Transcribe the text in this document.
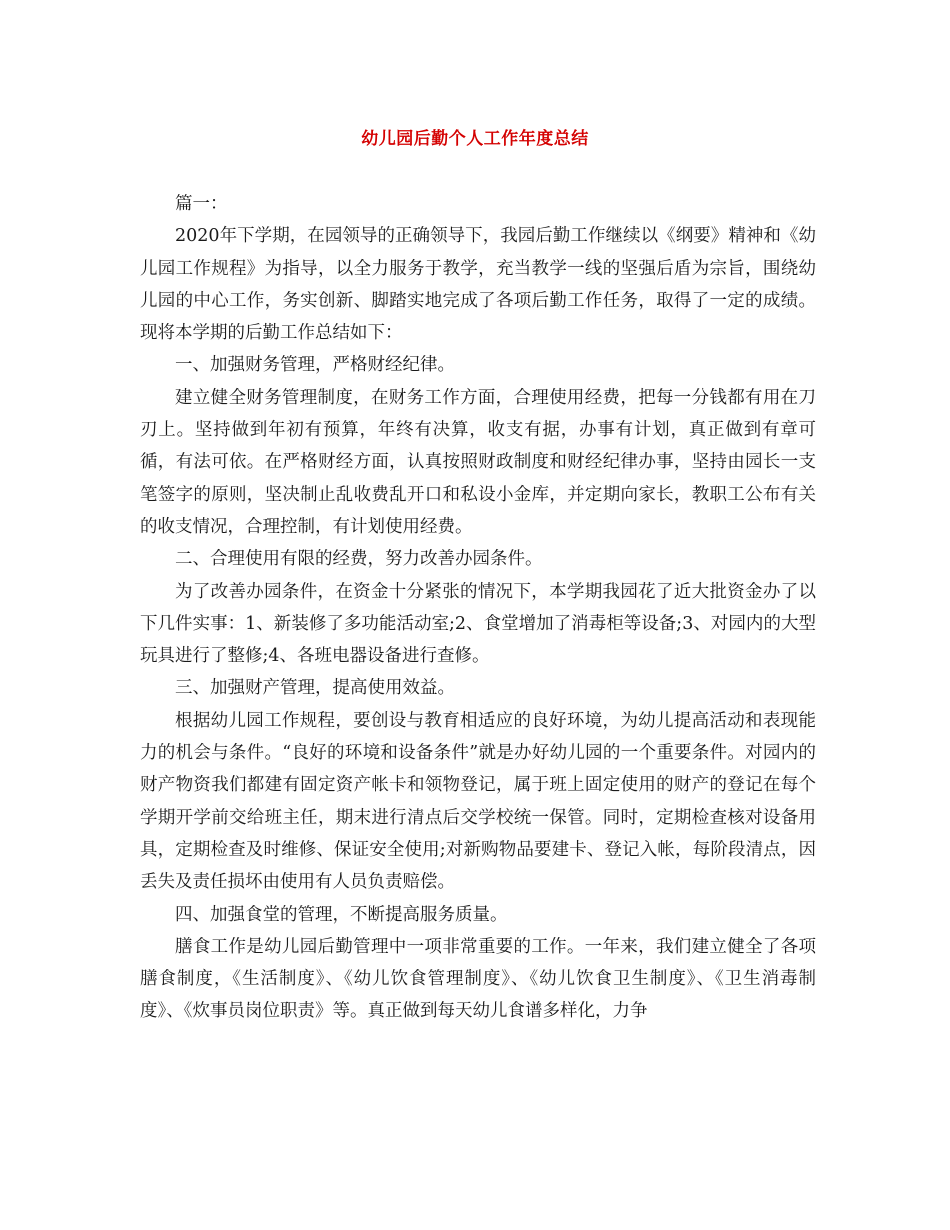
幼儿园后勤个人工作年度总结

篇一：

2020年下学期，在园领导的正确领导下，我园后勤工作继续以《纲要》精神和《幼儿园工作规程》为指导，以全力服务于教学，充当教学一线的坚强后盾为宗旨，围绕幼儿园的中心工作，务实创新、脚踏实地完成了各项后勤工作任务，取得了一定的成绩。现将本学期的后勤工作总结如下：

一、加强财务管理，严格财经纪律。

建立健全财务管理制度，在财务工作方面，合理使用经费，把每一分钱都有用在刀刃上。坚持做到年初有预算，年终有决算，收支有据，办事有计划，真正做到有章可循，有法可依。在严格财经方面，认真按照财政制度和财经纪律办事，坚持由园长一支笔签字的原则，坚决制止乱收费乱开口和私设小金库，并定期向家长，教职工公布有关的收支情况，合理控制，有计划使用经费。

二、合理使用有限的经费，努力改善办园条件。

为了改善办园条件，在资金十分紧张的情况下，本学期我园花了近大批资金办了以下几件实事：1、新装修了多功能活动室;2、食堂增加了消毒柜等设备;3、对园内的大型玩具进行了整修;4、各班电器设备进行查修。

三、加强财产管理，提高使用效益。

根据幼儿园工作规程，要创设与教育相适应的良好环境，为幼儿提高活动和表现能力的机会与条件。“良好的环境和设备条件”就是办好幼儿园的一个重要条件。对园内的财产物资我们都建有固定资产帐卡和领物登记，属于班上固定使用的财产的登记在每个学期开学前交给班主任，期末进行清点后交学校统一保管。同时，定期检查核对设备用具，定期检查及时维修、保证安全使用;对新购物品要建卡、登记入帐，每阶段清点，因丢失及责任损坏由使用有人员负责赔偿。

四、加强食堂的管理，不断提高服务质量。

膳食工作是幼儿园后勤管理中一项非常重要的工作。一年来，我们建立健全了各项膳食制度，《生活制度》、《幼儿饮食管理制度》、《幼儿饮食卫生制度》、《卫生消毒制度》、《炊事员岗位职责》等。真正做到每天幼儿食谱多样化，力争
